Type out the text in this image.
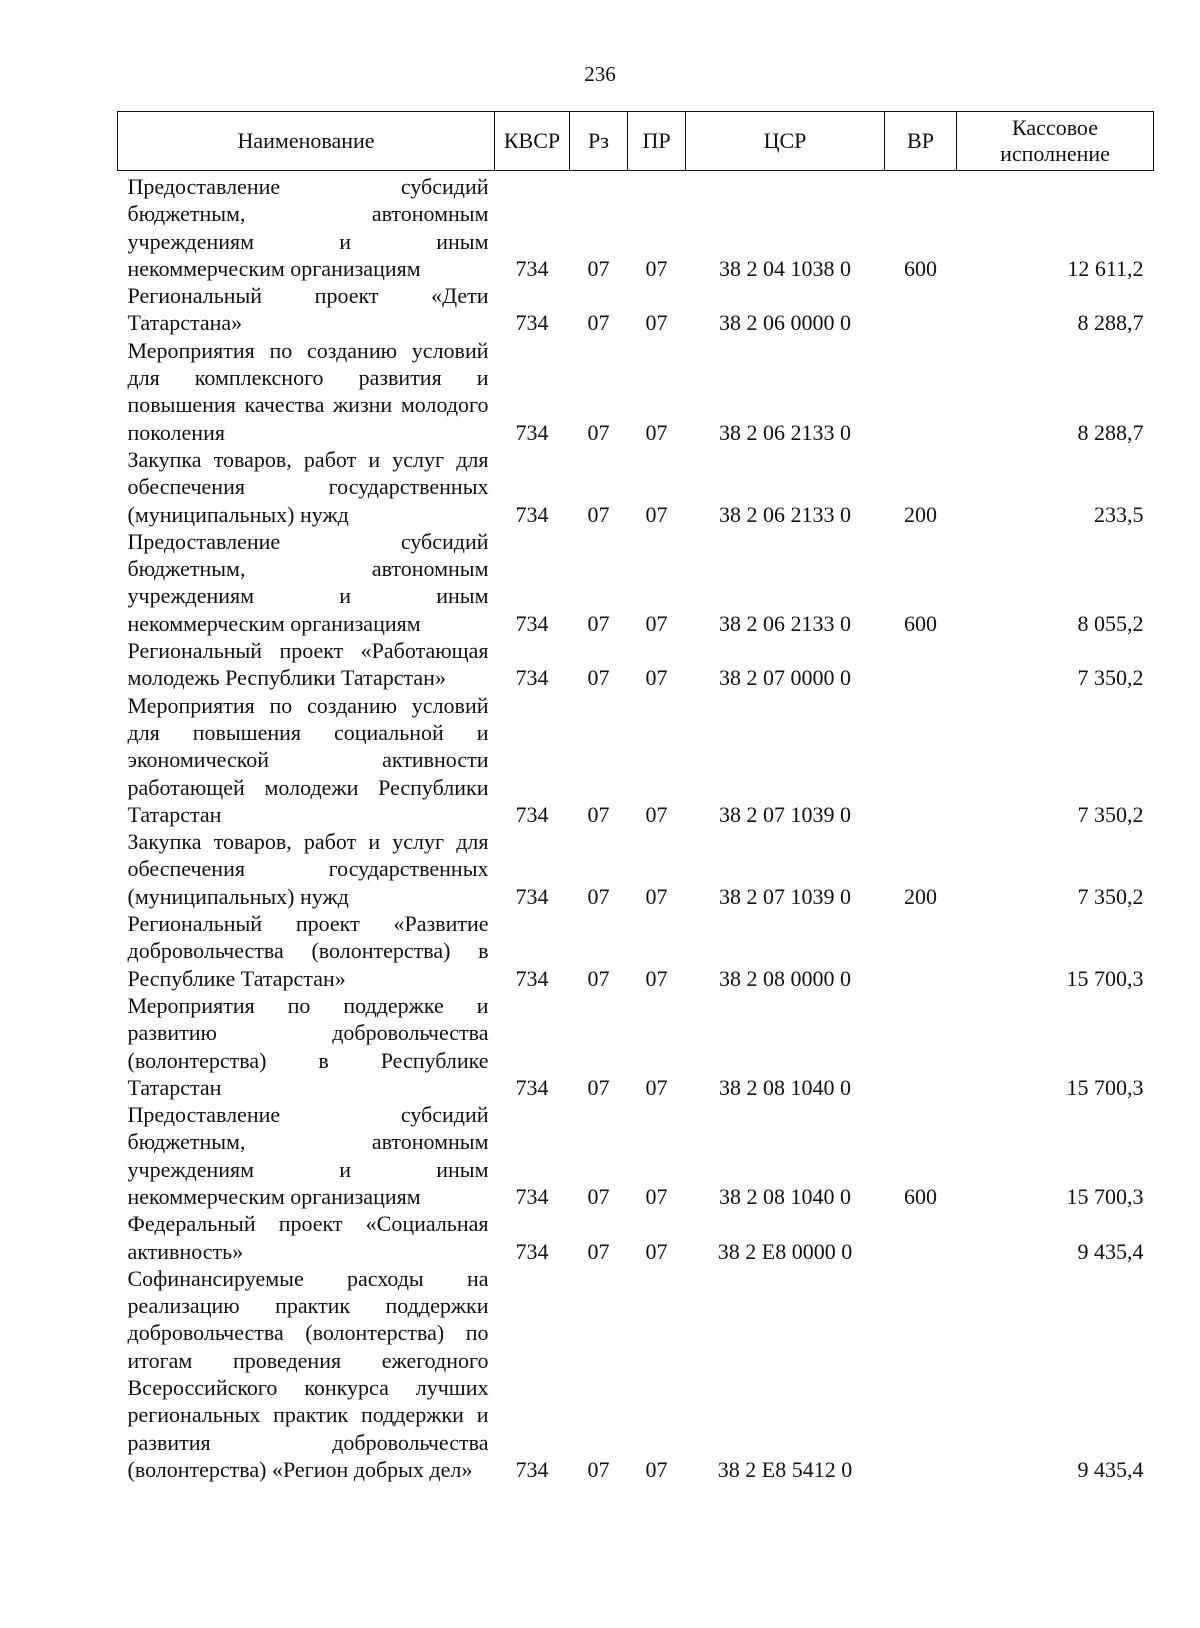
236
Наименование	КВСР	Рз	ПР	ЦСР	ВР	Кассовое исполнение
Предоставление субсидий бюджетным, автономным учреждениям и иным некоммерческим организациям	734	07	07	38 2 04 1038 0	600	12 611,2
Региональный проект «Дети Татарстана»	734	07	07	38 2 06 0000 0		8 288,7
Мероприятия по созданию условий для комплексного развития и повышения качества жизни молодого поколения	734	07	07	38 2 06 2133 0		8 288,7
Закупка товаров, работ и услуг для обеспечения государственных (муниципальных) нужд	734	07	07	38 2 06 2133 0	200	233,5
Предоставление субсидий бюджетным, автономным учреждениям и иным некоммерческим организациям	734	07	07	38 2 06 2133 0	600	8 055,2
Региональный проект «Работающая молодежь Республики Татарстан»	734	07	07	38 2 07 0000 0		7 350,2
Мероприятия по созданию условий для повышения социальной и экономической активности работающей молодежи Республики Татарстан	734	07	07	38 2 07 1039 0		7 350,2
Закупка товаров, работ и услуг для обеспечения государственных (муниципальных) нужд	734	07	07	38 2 07 1039 0	200	7 350,2
Региональный проект «Развитие добровольчества (волонтерства) в Республике Татарстан»	734	07	07	38 2 08 0000 0		15 700,3
Мероприятия по поддержке и развитию добровольчества (волонтерства) в Республике Татарстан	734	07	07	38 2 08 1040 0		15 700,3
Предоставление субсидий бюджетным, автономным учреждениям и иным некоммерческим организациям	734	07	07	38 2 08 1040 0	600	15 700,3
Федеральный проект «Социальная активность»	734	07	07	38 2 E8 0000 0		9 435,4
Софинансируемые расходы на реализацию практик поддержки добровольчества (волонтерства) по итогам проведения ежегодного Всероссийского конкурса лучших региональных практик поддержки и развития добровольчества (волонтерства) «Регион добрых дел»	734	07	07	38 2 E8 5412 0		9 435,4
